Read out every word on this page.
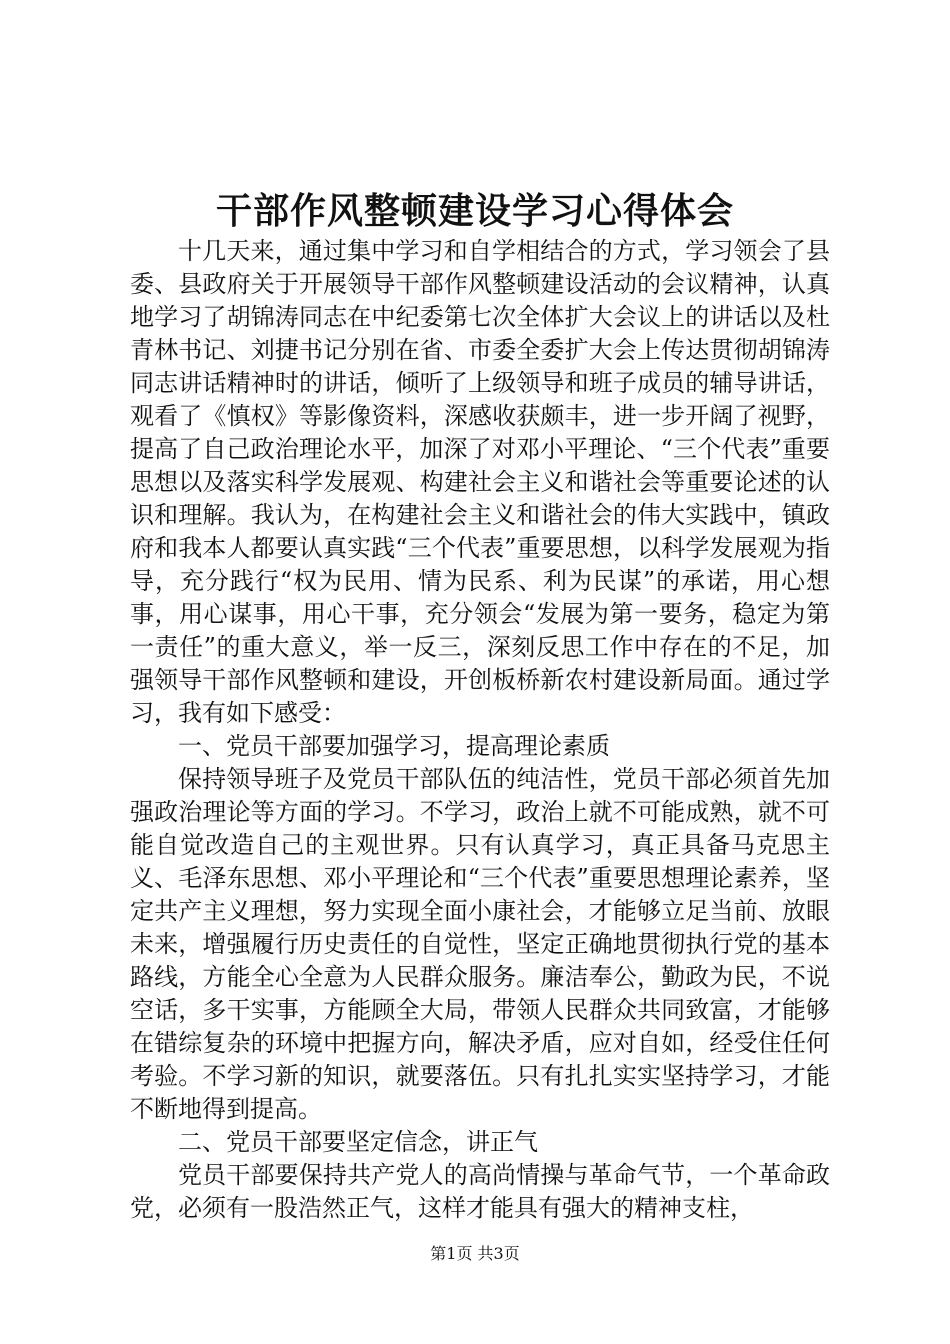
干部作风整顿建设学习心得体会

十几天来，通过集中学习和自学相结合的方式，学习领会了县委、县政府关于开展领导干部作风整顿建设活动的会议精神，认真地学习了胡锦涛同志在中纪委第七次全体扩大会议上的讲话以及杜青林书记、刘捷书记分别在省、市委全委扩大会上传达贯彻胡锦涛同志讲话精神时的讲话，倾听了上级领导和班子成员的辅导讲话，观看了《慎权》等影像资料，深感收获颇丰，进一步开阔了视野，提高了自己政治理论水平，加深了对邓小平理论、“三个代表”重要思想以及落实科学发展观、构建社会主义和谐社会等重要论述的认识和理解。我认为，在构建社会主义和谐社会的伟大实践中，镇政府和我本人都要认真实践“三个代表”重要思想，以科学发展观为指导，充分践行“权为民用、情为民系、利为民谋”的承诺，用心想事，用心谋事，用心干事，充分领会“发展为第一要务，稳定为第一责任”的重大意义，举一反三，深刻反思工作中存在的不足，加强领导干部作风整顿和建设，开创板桥新农村建设新局面。通过学习，我有如下感受：

一、党员干部要加强学习，提高理论素质

保持领导班子及党员干部队伍的纯洁性，党员干部必须首先加强政治理论等方面的学习。不学习，政治上就不可能成熟，就不可能自觉改造自己的主观世界。只有认真学习，真正具备马克思主义、毛泽东思想、邓小平理论和“三个代表”重要思想理论素养，坚定共产主义理想，努力实现全面小康社会，才能够立足当前、放眼未来，增强履行历史责任的自觉性，坚定正确地贯彻执行党的基本路线，方能全心全意为人民群众服务。廉洁奉公，勤政为民，不说空话，多干实事，方能顾全大局，带领人民群众共同致富，才能够在错综复杂的环境中把握方向，解决矛盾，应对自如，经受住任何考验。不学习新的知识，就要落伍。只有扎扎实实坚持学习，才能不断地得到提高。

二、党员干部要坚定信念，讲正气

党员干部要保持共产党人的高尚情操与革命气节，一个革命政党，必须有一股浩然正气，这样才能具有强大的精神支柱，

第1页 共3页
